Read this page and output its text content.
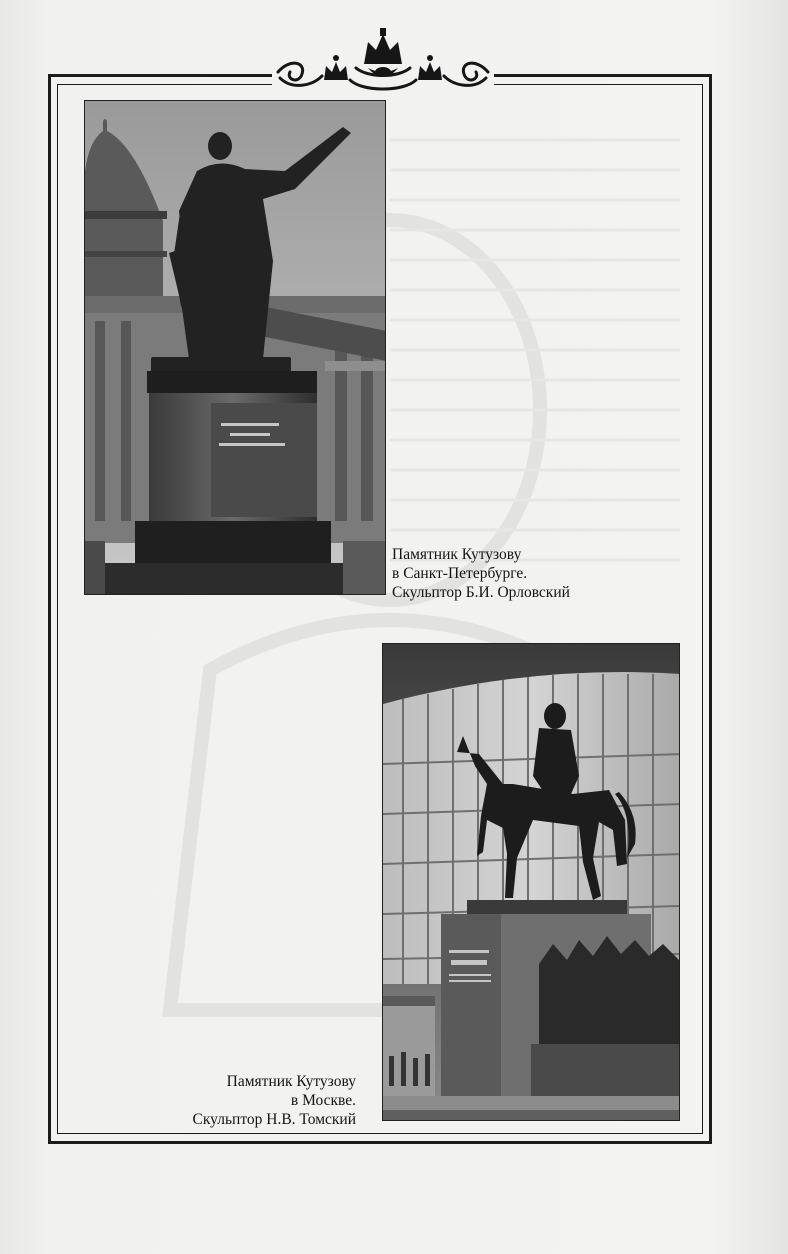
Памятник Кутузову
в Санкт-Петербурге.
Скульптор Б.И. Орловский
Памятник Кутузову
в Москве.
Скульптор Н.В. Томский
